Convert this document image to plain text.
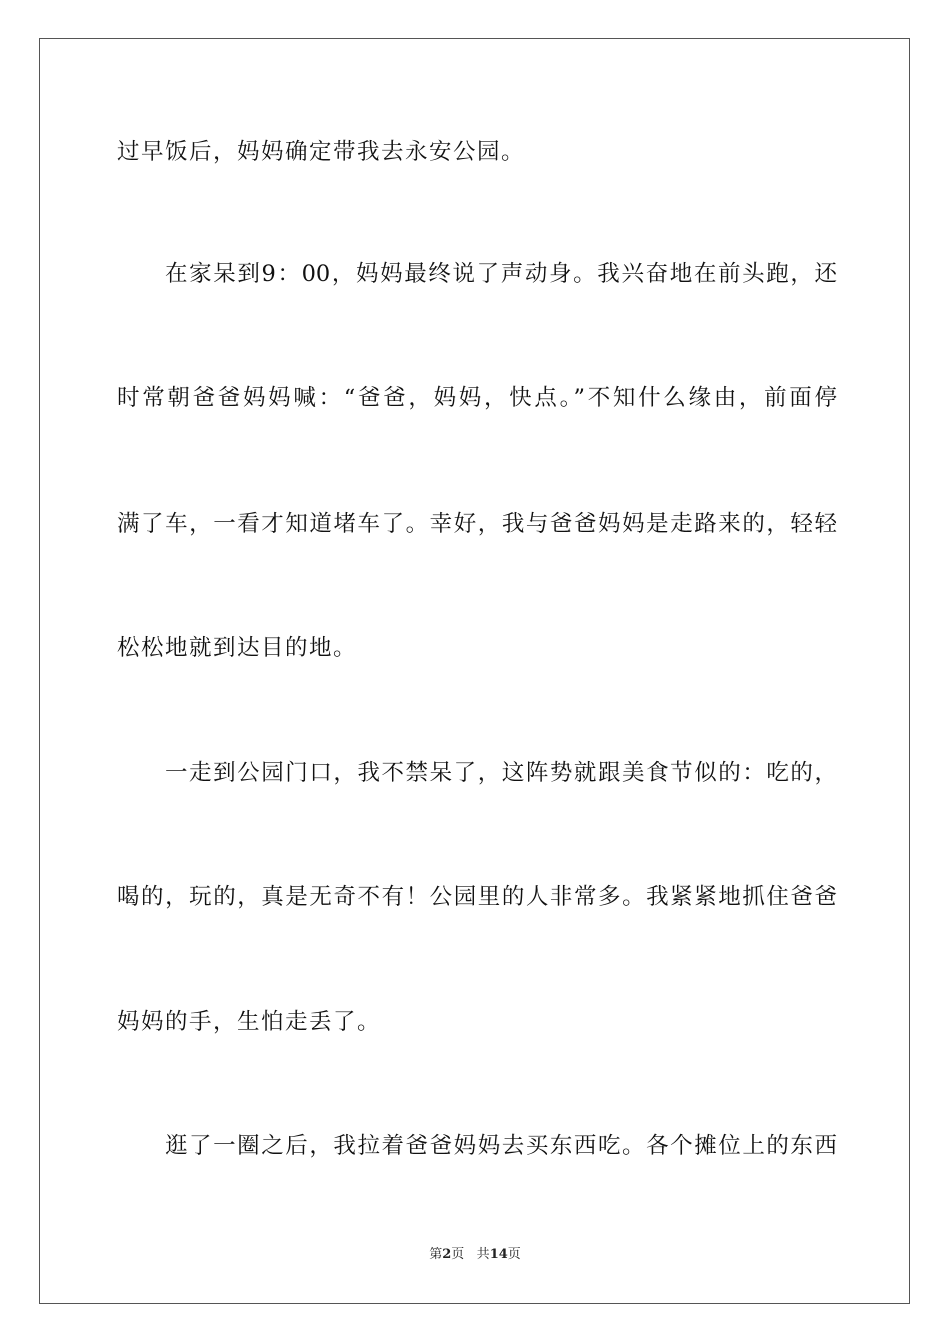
过早饭后，妈妈确定带我去永安公园。
在家呆到9：00，妈妈最终说了声动身。我兴奋地在前头跑，还
时常朝爸爸妈妈喊：“爸爸，妈妈，快点。”不知什么缘由，前面停
满了车，一看才知道堵车了。幸好，我与爸爸妈妈是走路来的，轻轻
松松地就到达目的地。
一走到公园门口，我不禁呆了，这阵势就跟美食节似的：吃的，
喝的，玩的，真是无奇不有！公园里的人非常多。我紧紧地抓住爸爸
妈妈的手，生怕走丢了。
逛了一圈之后，我拉着爸爸妈妈去买东西吃。各个摊位上的东西
第2页 共14页
